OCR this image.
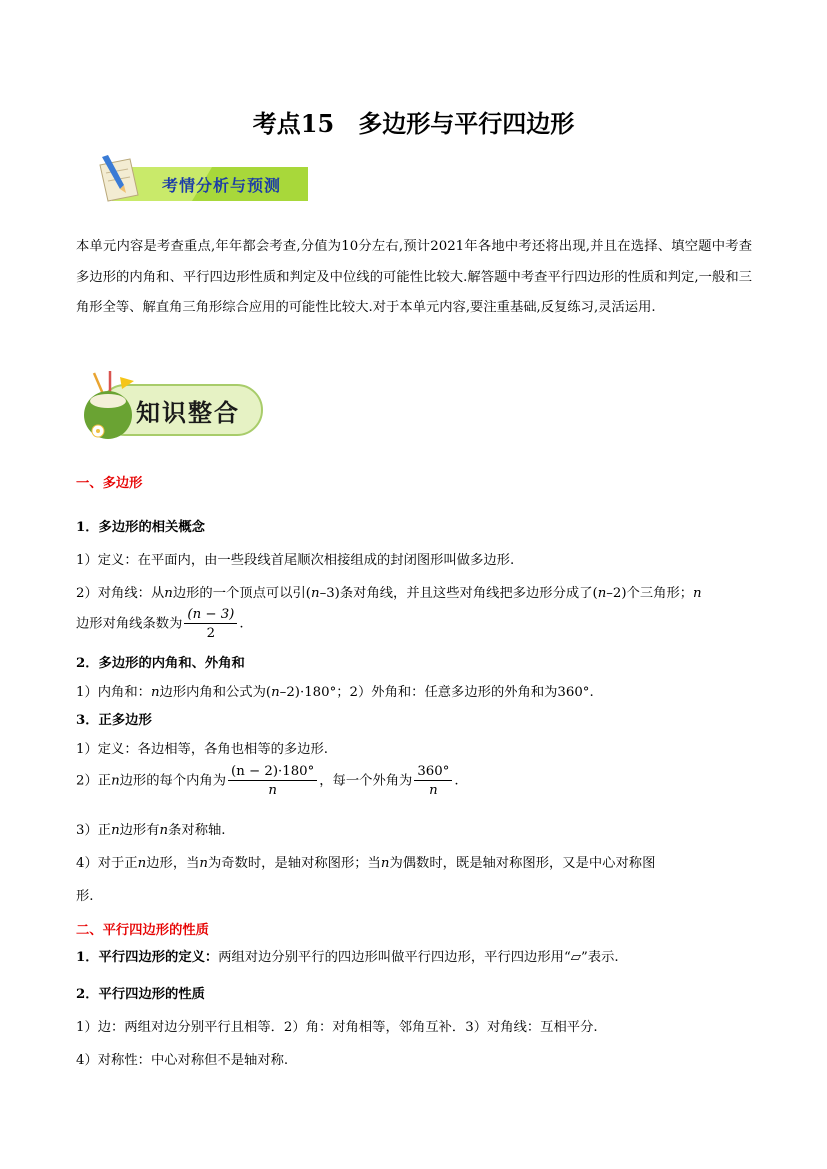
考点15　多边形与平行四边形
考情分析与预测
本单元内容是考查重点,年年都会考查,分值为10分左右,预计2021年各地中考还将出现,并且在选择、填空题中考查多边形的内角和、平行四边形性质和判定及中位线的可能性比较大.解答题中考查平行四边形的性质和判定,一般和三角形全等、解直角三角形综合应用的可能性比较大.对于本单元内容,要注重基础,反复练习,灵活运用.
知识整合
一、多边形
1．多边形的相关概念
1）定义：在平面内，由一些段线首尾顺次相接组成的封闭图形叫做多边形.
2）对角线：从n边形的一个顶点可以引(n–3)条对角线，并且这些对角线把多边形分成了(n–2)个三角形；n
边形对角线条数为 $\frac{(n - 3)}{2}$ .
2．多边形的内角和、外角和
1）内角和：n边形内角和公式为(n–2)·180°；2）外角和：任意多边形的外角和为360°.
3．正多边形
1）定义：各边相等，各角也相等的多边形.
2）正n边形的每个内角为 $\frac{(n - 2)\cdot 180^\circ}{n}$ ，每一个外角为 $\frac{360^\circ}{n}$ .
3）正n边形有n条对称轴.
4）对于正n边形，当n为奇数时，是轴对称图形；当n为偶数时，既是轴对称图形，又是中心对称图
形.
二、平行四边形的性质
1．平行四边形的定义：两组对边分别平行的四边形叫做平行四边形，平行四边形用“▱”表示.
2．平行四边形的性质
1）边：两组对边分别平行且相等．2）角：对角相等，邻角互补．3）对角线：互相平分.
4）对称性：中心对称但不是轴对称.
